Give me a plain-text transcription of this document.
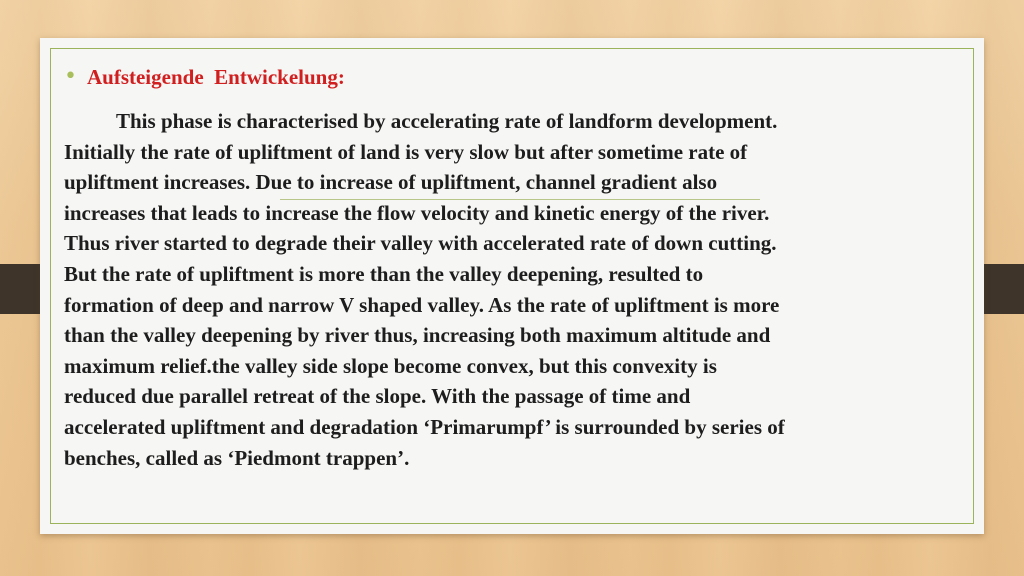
• Aufsteigende  Entwickelung:
This phase is characterised by accelerating rate of landform development.
Initially the rate of upliftment of land is very slow but after sometime rate of
upliftment increases. Due to increase of upliftment, channel gradient also
increases that leads to increase the flow velocity and kinetic energy of the river.
Thus river started to degrade their valley with accelerated rate of down cutting.
But the rate of upliftment is more than the valley deepening, resulted to
formation of deep and narrow V shaped valley. As the rate of upliftment is more
than the valley deepening by river thus, increasing both maximum altitude and
maximum relief.the valley side slope become convex, but this convexity is
reduced due parallel retreat of the slope. With the passage of time and
accelerated upliftment and degradation ‘Primarumpf’ is surrounded by series of
benches, called as ‘Piedmont trappen’.
